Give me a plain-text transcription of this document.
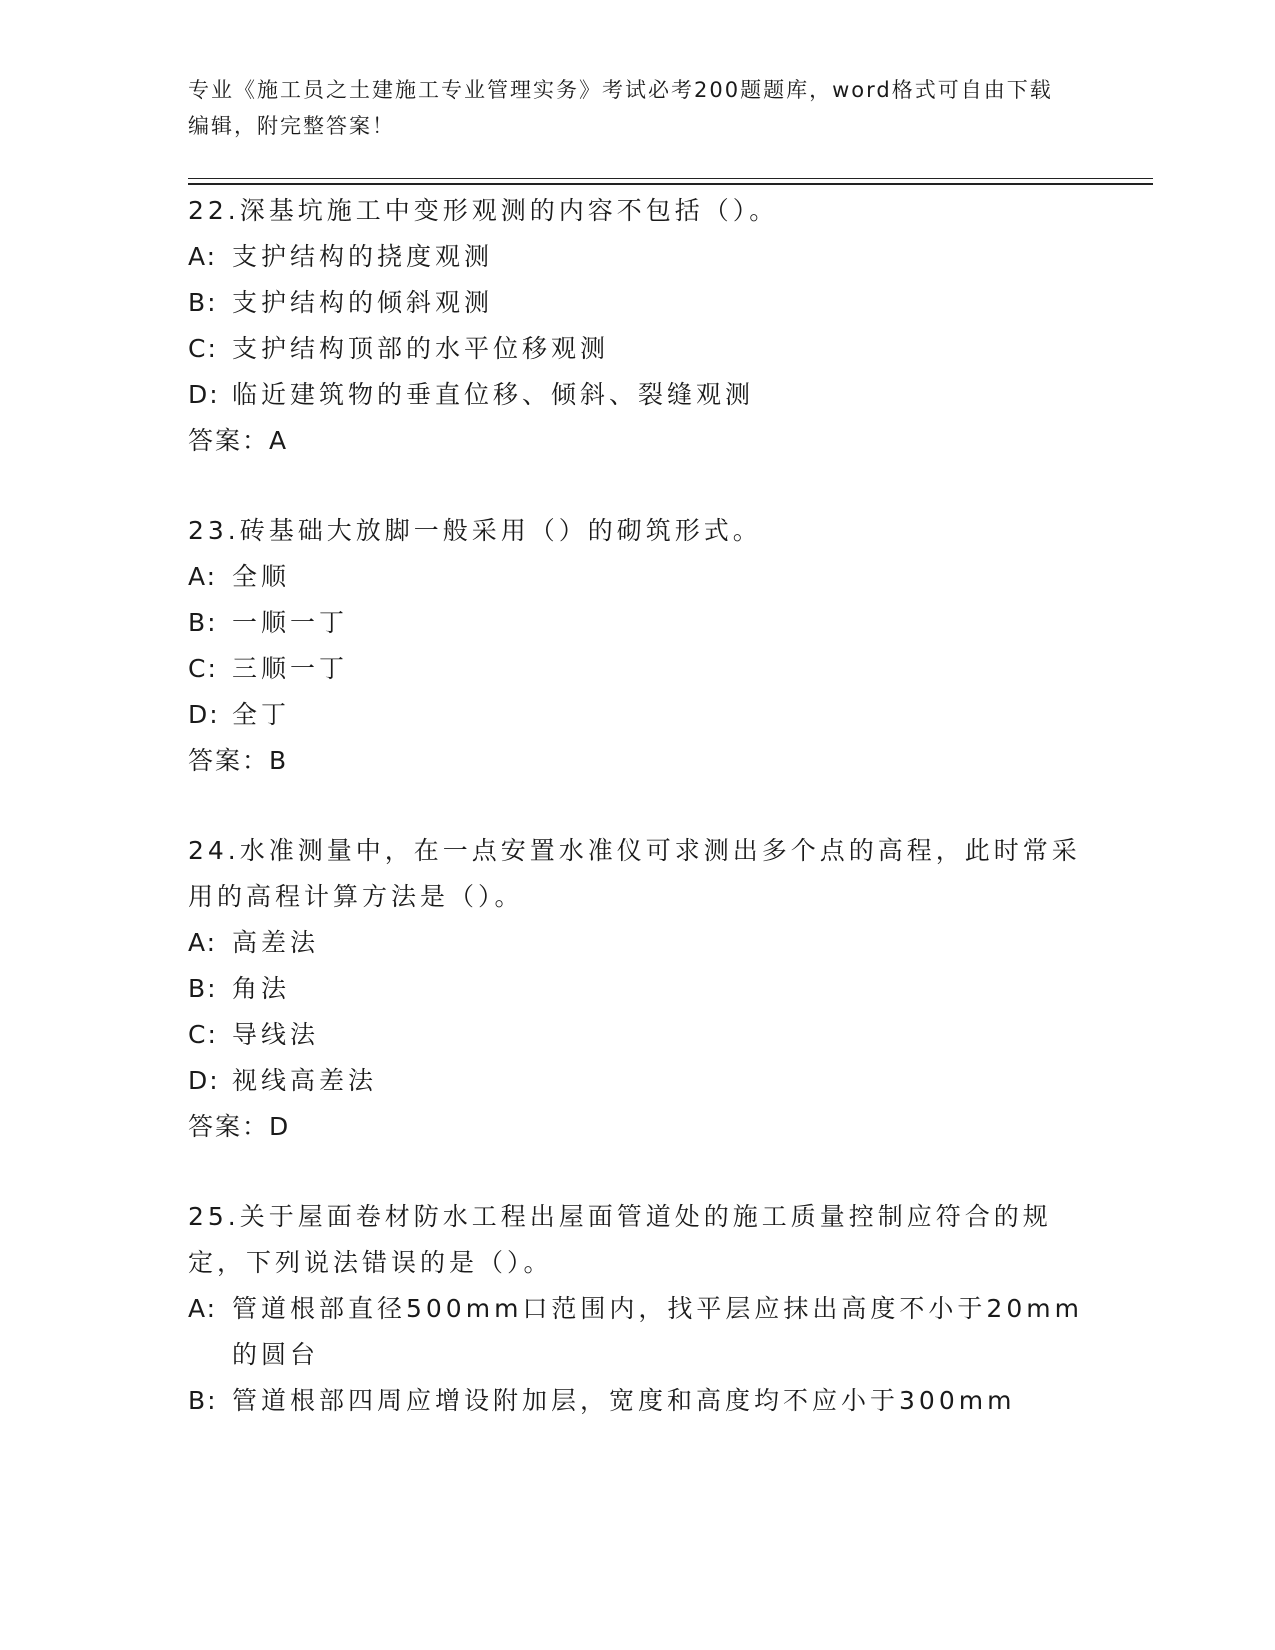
专业《施工员之土建施工专业管理实务》考试必考200题题库，word格式可自由下载编辑，附完整答案！

22.深基坑施工中变形观测的内容不包括（）。

A: 支护结构的挠度观测
B: 支护结构的倾斜观测
C: 支护结构顶部的水平位移观测
D: 临近建筑物的垂直位移、倾斜、裂缝观测

答案：A

23.砖基础大放脚一般采用（）的砌筑形式。

A: 全顺
B: 一顺一丁
C: 三顺一丁
D: 全丁

答案：B

24.水准测量中，在一点安置水准仪可求测出多个点的高程，此时常采用的高程计算方法是（）。

A: 高差法
B: 角法
C: 导线法
D: 视线高差法

答案：D

25.关于屋面卷材防水工程出屋面管道处的施工质量控制应符合的规定，下列说法错误的是（）。

A: 管道根部直径500mm口范围内，找平层应抹出高度不小于20mm的圆台
B: 管道根部四周应增设附加层，宽度和高度均不应小于300mm
